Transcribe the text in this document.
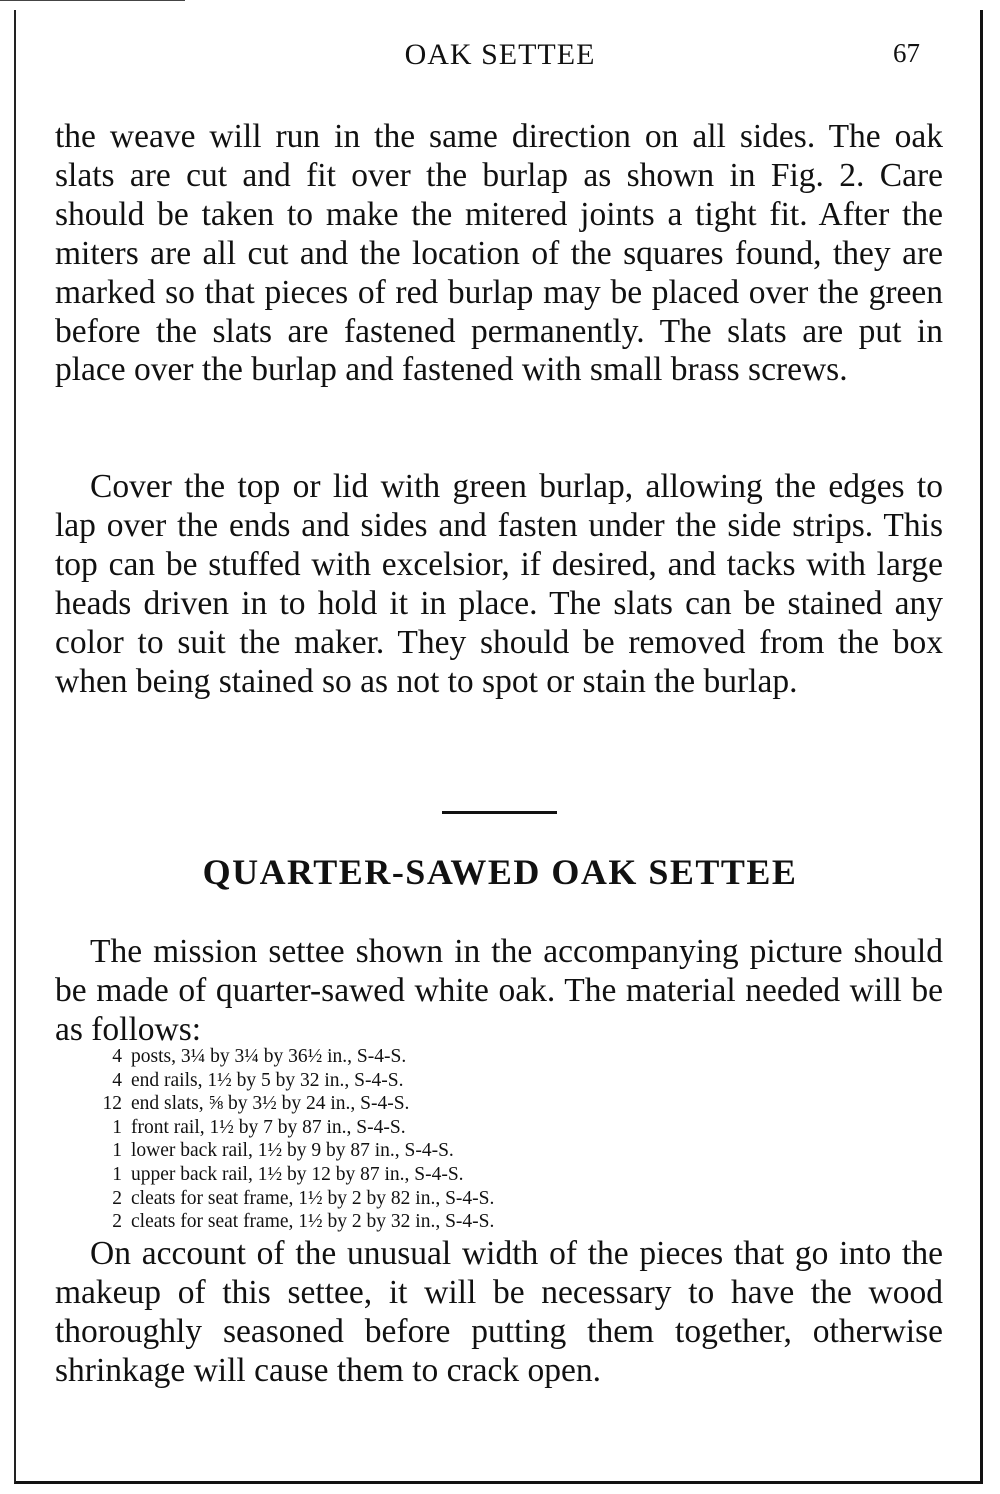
OAK SETTEE	67

the weave will run in the same direction on all sides. The oak slats are cut and fit over the burlap as shown in Fig. 2. Care should be taken to make the mitered joints a tight fit. After the miters are all cut and the location of the squares found, they are marked so that pieces of red burlap may be placed over the green before the slats are fastened permanently. The slats are put in place over the burlap and fastened with small brass screws.

Cover the top or lid with green burlap, allowing the edges to lap over the ends and sides and fasten under the side strips. This top can be stuffed with excelsior, if desired, and tacks with large heads driven in to hold it in place. The slats can be stained any color to suit the maker. They should be removed from the box when being stained so as not to spot or stain the burlap.

QUARTER-SAWED OAK SETTEE

The mission settee shown in the accompanying picture should be made of quarter-sawed white oak. The material needed will be as follows:

4 posts, 3¼ by 3¼ by 36½ in., S-4-S.
4 end rails, 1½ by 5 by 32 in., S-4-S.
12 end slats, ⅝ by 3½ by 24 in., S-4-S.
1 front rail, 1½ by 7 by 87 in., S-4-S.
1 lower back rail, 1½ by 9 by 87 in., S-4-S.
1 upper back rail, 1½ by 12 by 87 in., S-4-S.
2 cleats for seat frame, 1½ by 2 by 82 in., S-4-S.
2 cleats for seat frame, 1½ by 2 by 32 in., S-4-S.

On account of the unusual width of the pieces that go into the makeup of this settee, it will be necessary to have the wood thoroughly seasoned before putting them together, otherwise shrinkage will cause them to crack open.
